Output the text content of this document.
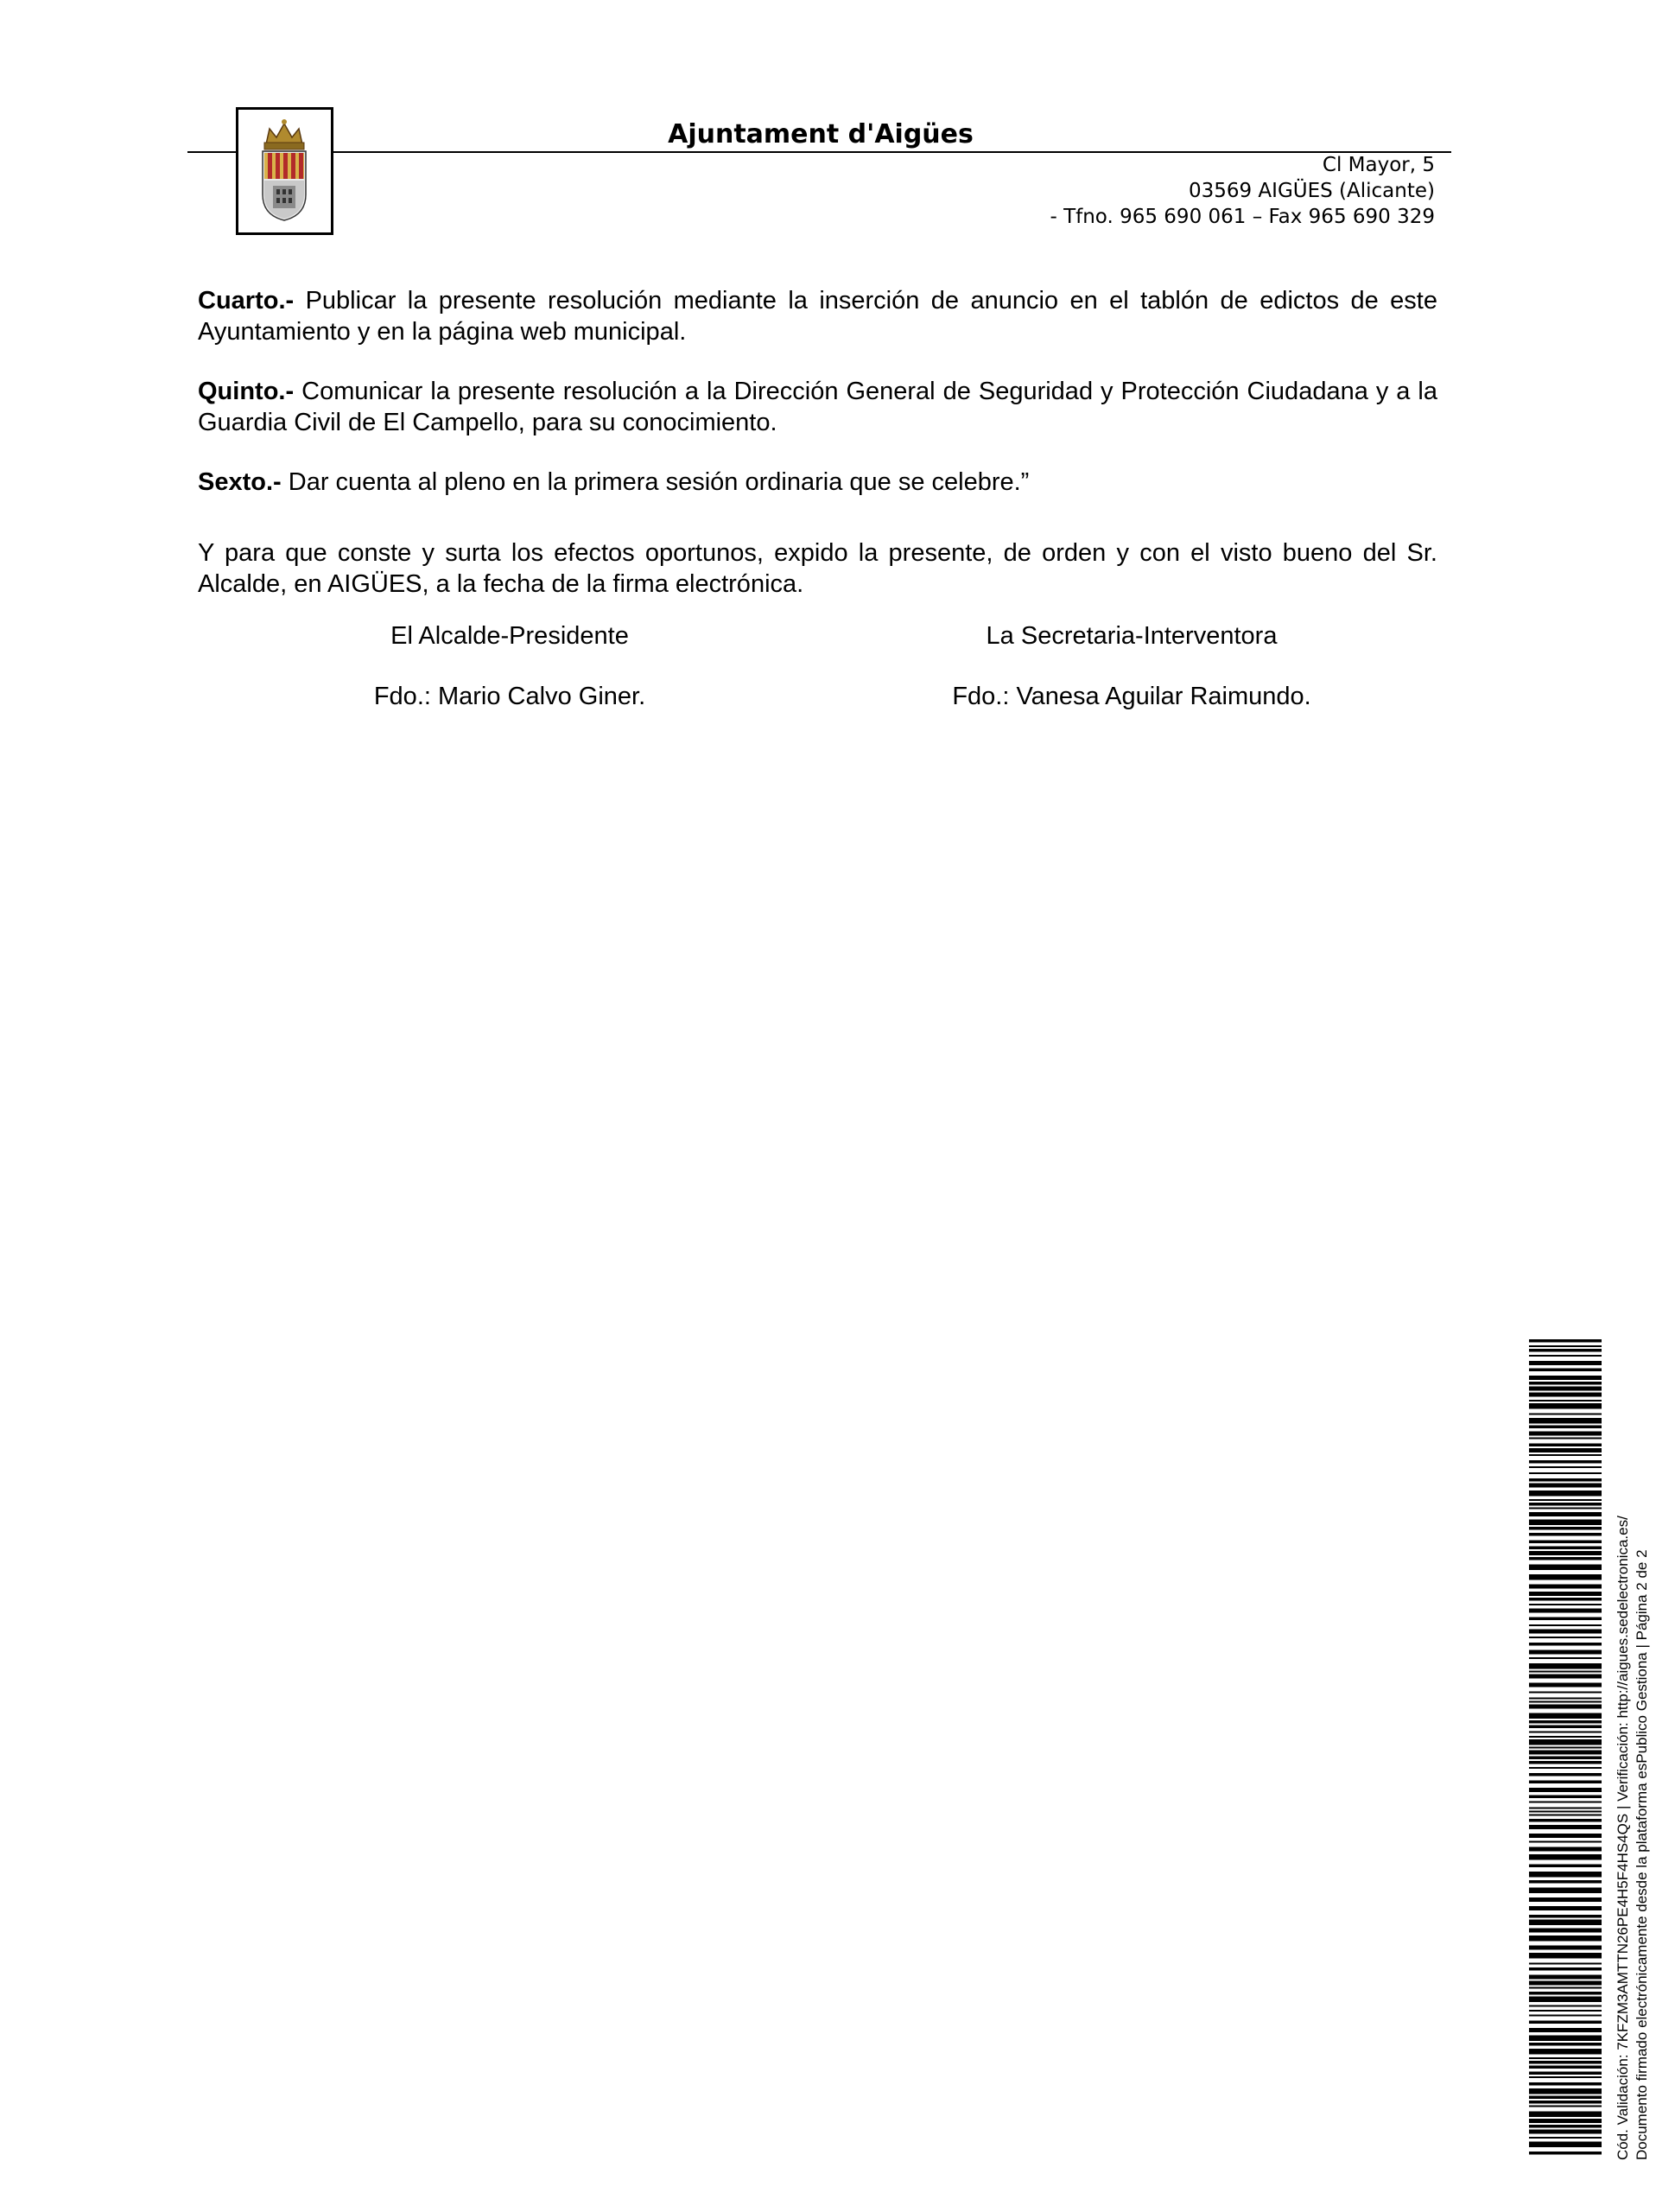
Ajuntament d'Aigües
Cl Mayor, 5
03569 AIGÜES (Alicante)
- Tfno. 965 690 061 – Fax 965 690 329

Cuarto.- Publicar la presente resolución mediante la inserción de anuncio en el tablón de edictos de este Ayuntamiento y en la página web municipal.

Quinto.- Comunicar la presente resolución a la Dirección General de Seguridad y Protección Ciudadana y a la Guardia Civil de El Campello, para su conocimiento.

Sexto.- Dar cuenta al pleno en la primera sesión ordinaria que se celebre.”

Y para que conste y surta los efectos oportunos, expido la presente, de orden y con el visto bueno del Sr. Alcalde, en AIGÜES, a la fecha de la firma electrónica.

El Alcalde-Presidente
Fdo.: Mario Calvo Giner.
La Secretaria-Interventora
Fdo.: Vanesa Aguilar Raimundo.
Cód. Validación: 7KFZM3AMTTN26PE4H5F4HS4QS | Verificación: http://aigues.sedelectronica.es/ Documento firmado electrónicamente desde la plataforma esPublico Gestiona | Página 2 de 2
